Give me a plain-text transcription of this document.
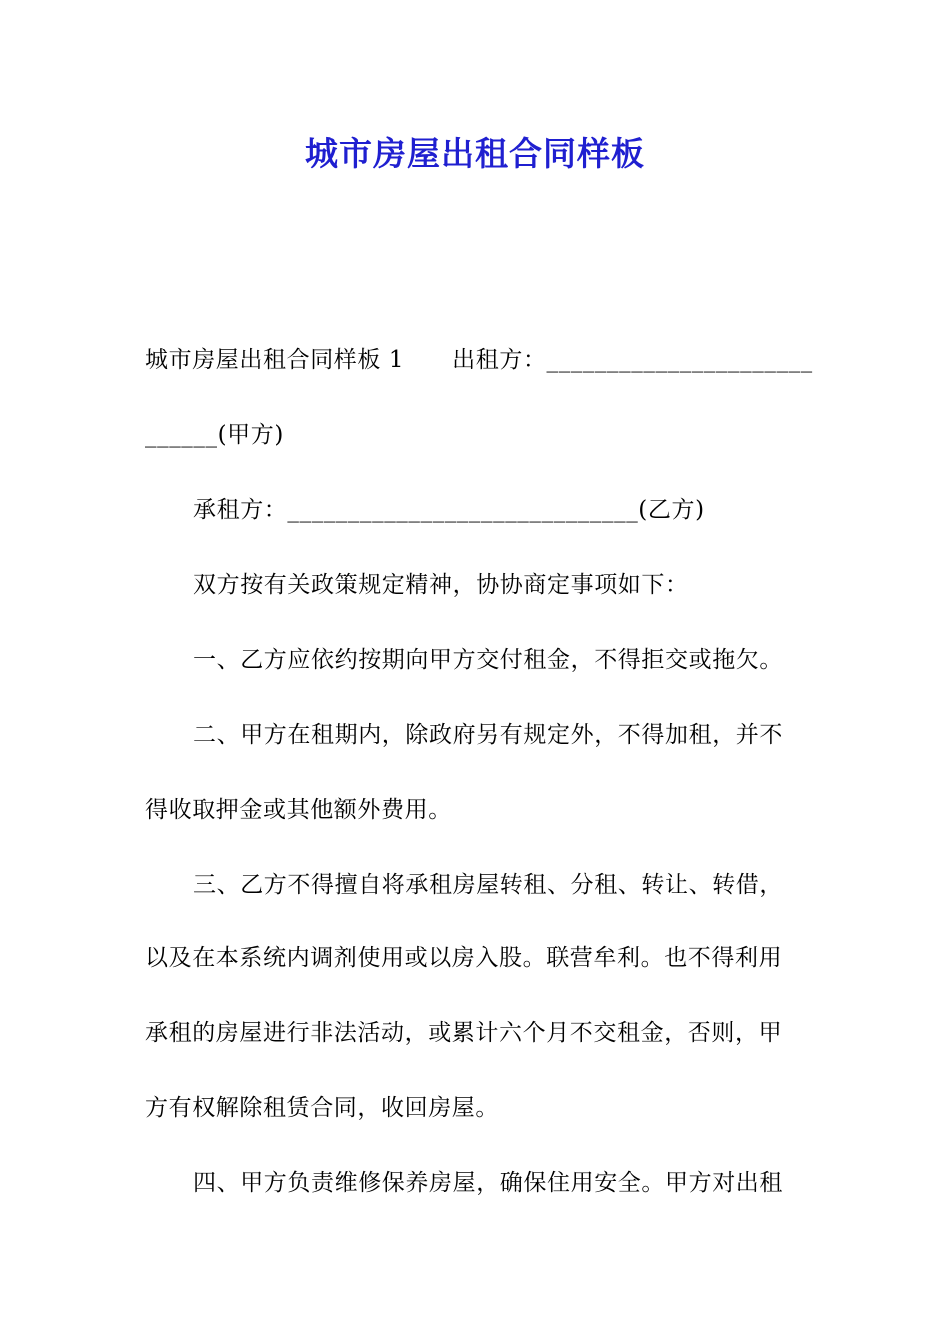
城市房屋出租合同样板
城市房屋出租合同样板 1 出租方：______________________
______(甲方)
承租方：_____________________________(乙方)
双方按有关政策规定精神，协协商定事项如下：
一、乙方应依约按期向甲方交付租金，不得拒交或拖欠。
二、甲方在租期内，除政府另有规定外，不得加租，并不
得收取押金或其他额外费用。
三、乙方不得擅自将承租房屋转租、分租、转让、转借，
以及在本系统内调剂使用或以房入股。联营牟利。也不得利用
承租的房屋进行非法活动，或累计六个月不交租金，否则，甲
方有权解除租赁合同，收回房屋。
四、甲方负责维修保养房屋，确保住用安全。甲方对出租
